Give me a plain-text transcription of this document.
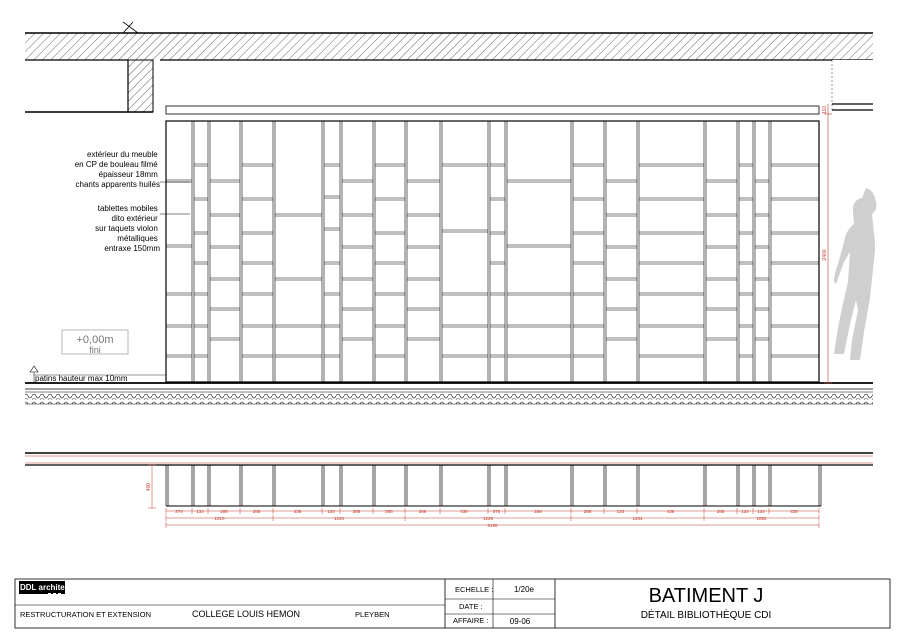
extérieur du meuble en CP de bouleau filmé épaisseur 18mm chants apparents huilés
tablettes mobiles dito extérieur sur taquets violon métalliques entraxe 150mm
+0,00m
fini
patins hauteur max 10mm
2400
110
400
274	134	286	286	438	134	286	286	286	438	570	286	286	134	438	286	134 134	435
1010	1234	1229	1234	1082
6190
DDL architectes
RESTRUCTURATION ET EXTENSION	COLLEGE LOUIS HEMON	PLEYBEN
ECHELLE :	1/20e
DATE :
AFFAIRE :	09-06
BATIMENT J
DÉTAIL BIBLIOTHÈQUE CDI
